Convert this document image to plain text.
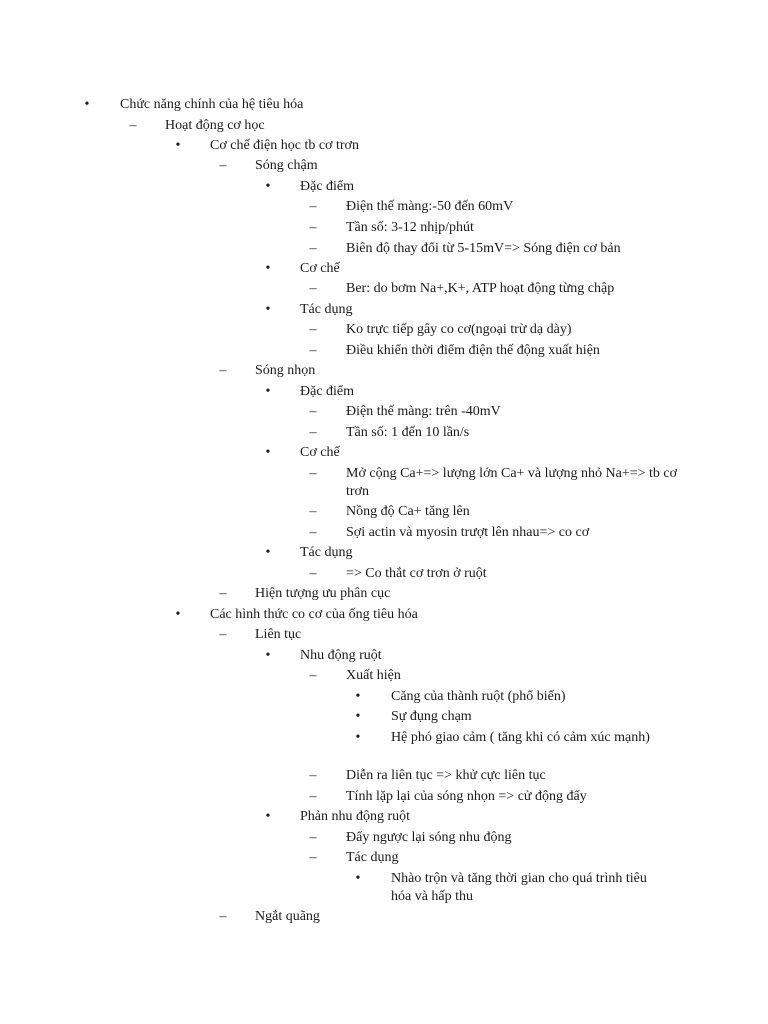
• Chức năng chính của hệ tiêu hóa
– Hoạt động cơ học
• Cơ chế điện học tb cơ trơn
– Sóng chậm
• Đặc điểm
– Điện thế màng:-50 đến 60mV
– Tần số: 3-12 nhịp/phút
– Biên độ thay đổi từ 5-15mV=> Sóng điện cơ bản
• Cơ chế
– Ber: do bơm Na+,K+, ATP hoạt động từng chập
• Tác dụng
– Ko trực tiếp gây co cơ(ngoại trừ dạ dày)
– Điều khiển thời điểm điện thế động xuất hiện
– Sóng nhọn
• Đặc điểm
– Điện thế màng: trên -40mV
– Tần số: 1 đến 10 lần/s
• Cơ chế
– Mở cộng Ca+=> lượng lớn Ca+ và lượng nhỏ Na+=> tb cơ trơn
– Nồng độ Ca+ tăng lên
– Sợi actin và myosin trượt lên nhau=> co cơ
• Tác dụng
– => Co thắt cơ trơn ở ruột
– Hiện tượng ưu phân cục
• Các hình thức co cơ của ống tiêu hóa
– Liên tục
• Nhu động ruột
– Xuất hiện
• Căng của thành ruột (phổ biến)
• Sự đụng chạm
• Hệ phó giao cảm ( tăng khi có cảm xúc mạnh)
– Diễn ra liên tục => khử cực liên tục
– Tính lặp lại của sóng nhọn => cử động đẩy
• Phản nhu động ruột
– Đẩy ngược lại sóng nhu động
– Tác dụng
• Nhào trộn và tăng thời gian cho quá trình tiêu hóa và hấp thu
– Ngắt quãng
